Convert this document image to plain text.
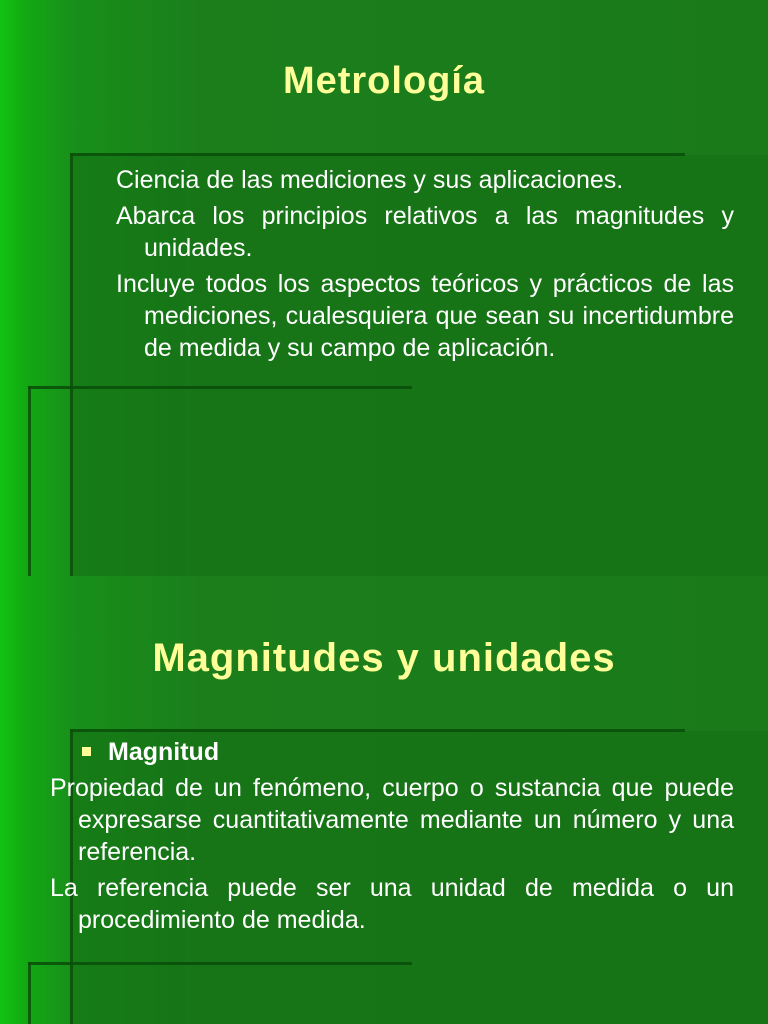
Metrología

Ciencia de las mediciones y sus aplicaciones.

Abarca los principios relativos a las magnitudes y unidades.

Incluye todos los aspectos teóricos y prácticos de las mediciones, cualesquiera que sean su incertidumbre de medida y su campo de aplicación.

Magnitudes y unidades
Magnitud

Propiedad de un fenómeno, cuerpo o sustancia que puede expresarse cuantitativamente mediante un número y una referencia.

La referencia puede ser una unidad de medida o un procedimiento de medida.
